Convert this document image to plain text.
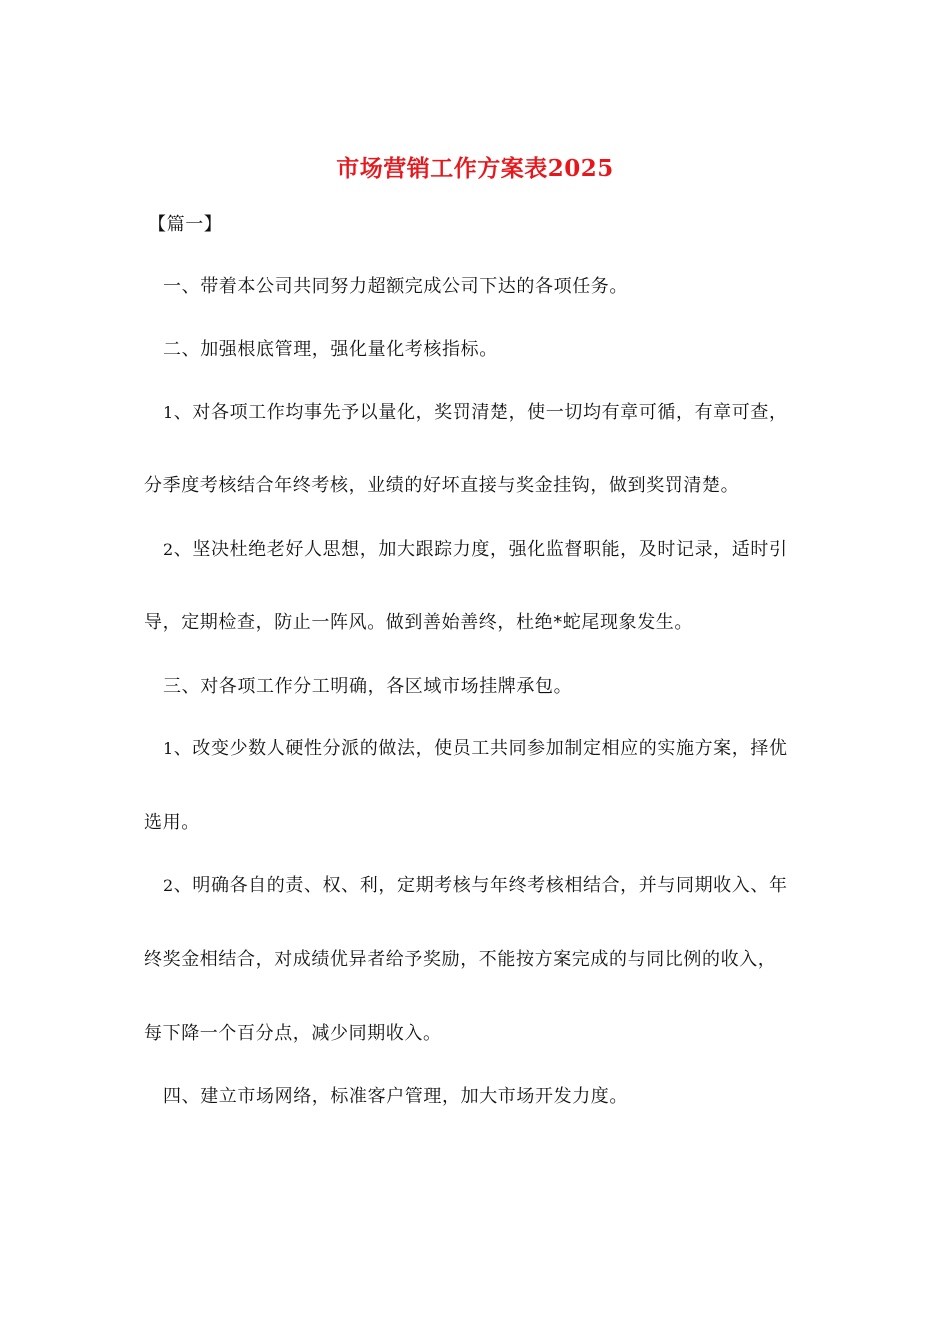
市场营销工作方案表2025
【篇一】
一、带着本公司共同努力超额完成公司下达的各项任务。
二、加强根底管理，强化量化考核指标。
1、对各项工作均事先予以量化，奖罚清楚，使一切均有章可循，有章可查，
分季度考核结合年终考核，业绩的好坏直接与奖金挂钩，做到奖罚清楚。
2、坚决杜绝老好人思想，加大跟踪力度，强化监督职能，及时记录，适时引
导，定期检查，防止一阵风。做到善始善终，杜绝*蛇尾现象发生。
三、对各项工作分工明确，各区域市场挂牌承包。
1、改变少数人硬性分派的做法，使员工共同参加制定相应的实施方案，择优
选用。
2、明确各自的责、权、利，定期考核与年终考核相结合，并与同期收入、年
终奖金相结合，对成绩优异者给予奖励，不能按方案完成的与同比例的收入，
每下降一个百分点，减少同期收入。
四、建立市场网络，标准客户管理，加大市场开发力度。
